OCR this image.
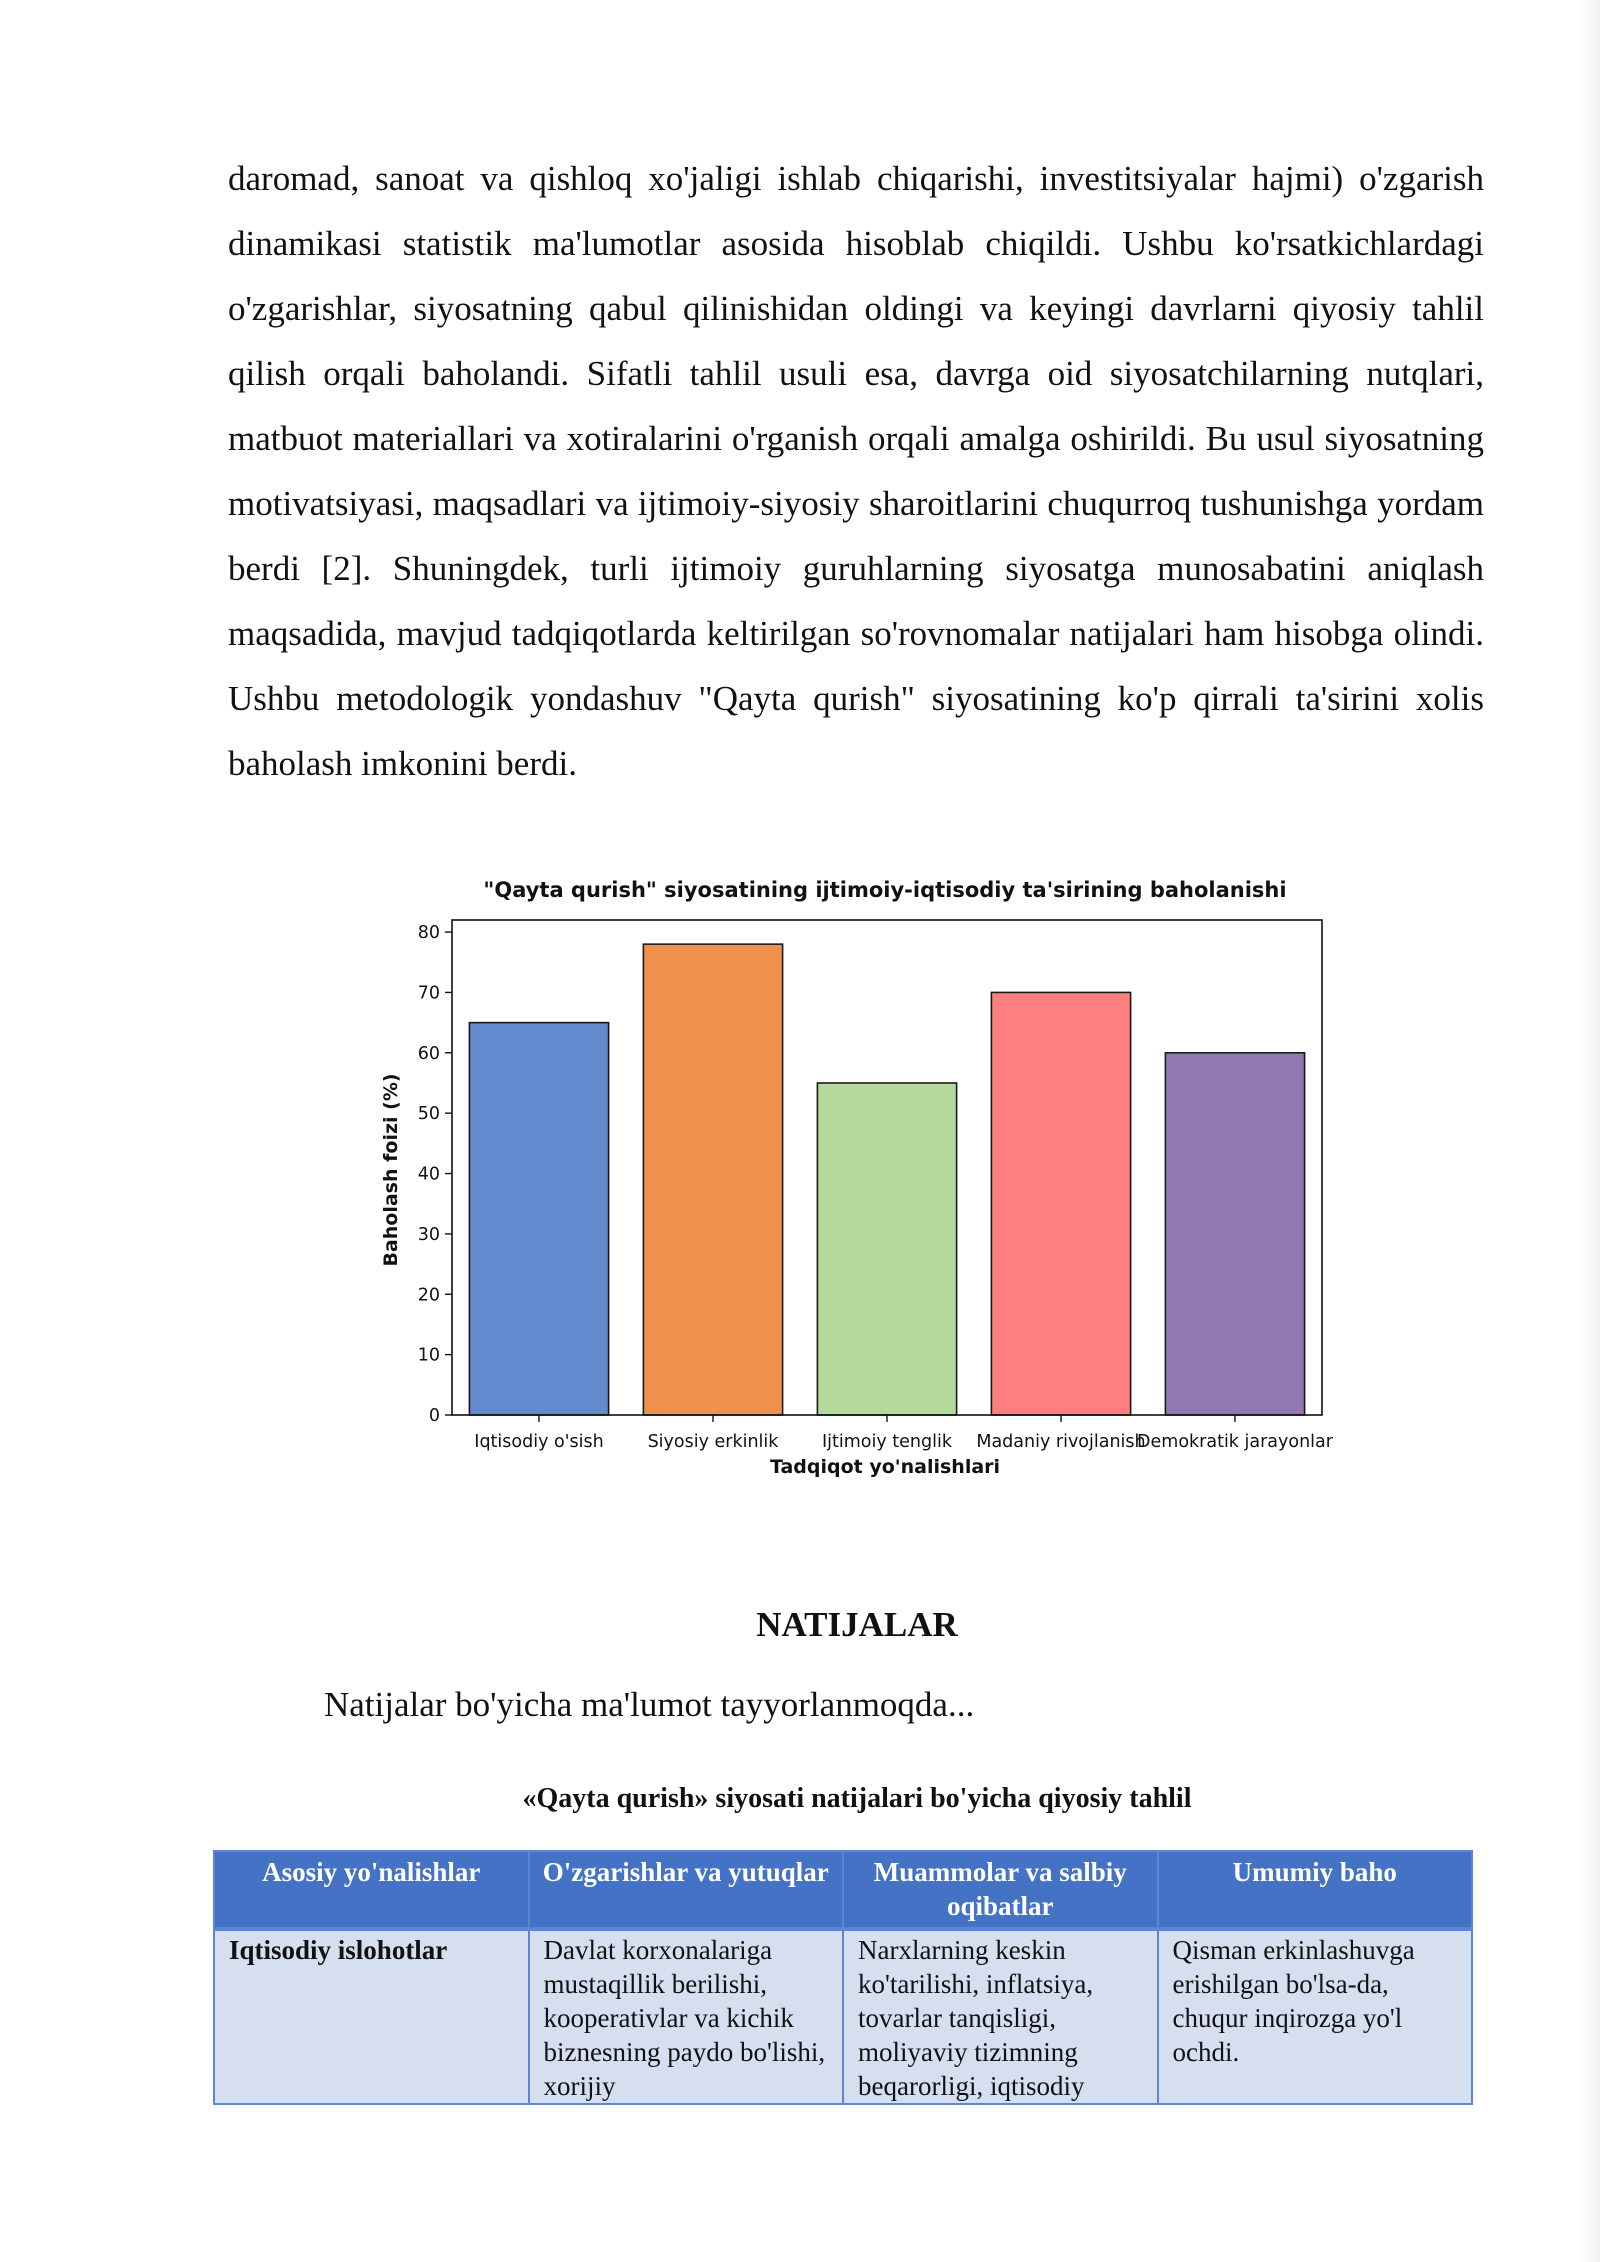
daromad, sanoat va qishloq xo'jaligi ishlab chiqarishi, investitsiyalar hajmi) o'zgarish dinamikasi statistik ma'lumotlar asosida hisoblab chiqildi. Ushbu ko'rsatkichlardagi o'zgarishlar, siyosatning qabul qilinishidan oldingi va keyingi davrlarni qiyosiy tahlil qilish orqali baholandi. Sifatli tahlil usuli esa, davrga oid siyosatchilarning nutqlari, matbuot materiallari va xotiralarini o'rganish orqali amalga oshirildi. Bu usul siyosatning motivatsiyasi, maqsadlari va ijtimoiy-siyosiy sharoitlarini chuqurroq tushunishga yordam berdi [2]. Shuningdek, turli ijtimoiy guruhlarning siyosatga munosabatini aniqlash maqsadida, mavjud tadqiqotlarda keltirilgan so'rovnomalar natijalari ham hisobga olindi. Ushbu metodologik yondashuv "Qayta qurish" siyosatining ko'p qirrali ta'sirini xolis baholash imkonini berdi.

"Qayta qurish" siyosatining ijtimoiy-iqtisodiy ta'sirining baholanishi
Iqtisodiy o'sish	Siyosiy erkinlik Ijtimoiy tenglik Madaniy rivojlanish
Demokratik jarayonlar
0
10
20
30
40
50
60
70
80
Tadqiqot yo'nalishlari
Baholash foizi (%)

NATIJALAR

Natijalar bo'yicha ma'lumot tayyorlanmoqda...

«Qayta qurish» siyosati natijalari bo'yicha qiyosiy tahlil

Asosiy yo'nalishlar	O'zgarishlar va yutuqlar	Muammolar va salbiy oqibatlar	Umumiy baho

Iqtisodiy islohotlar	Davlat korxonalariga mustaqillik berilishi, kooperativlar va kichik biznesning paydo bo'lishi, xorijiy	Narxlarning keskin ko'tarilishi, inflatsiya, tovarlar tanqisligi, moliyaviy tizimning beqarorligi, iqtisodiy	Qisman erkinlashuvga erishilgan bo'lsa-da, chuqur inqirozga yo'l ochdi.
